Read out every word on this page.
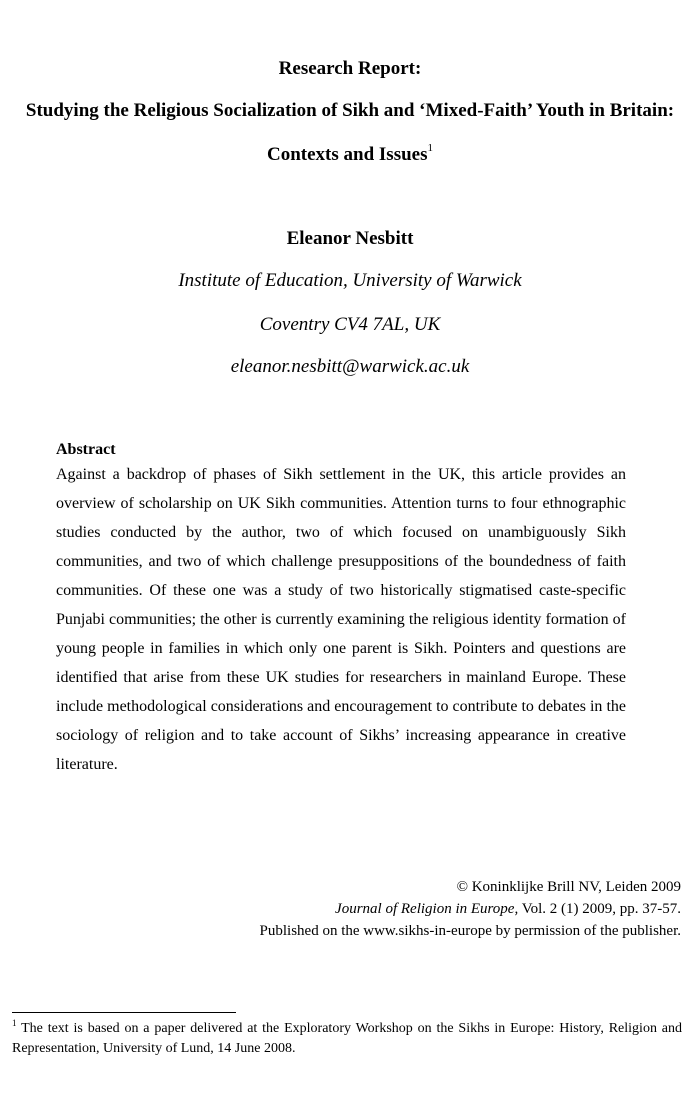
Research Report:
Studying the Religious Socialization of Sikh and ‘Mixed-Faith’ Youth in Britain:
Contexts and Issues$^1$
Eleanor Nesbitt
Institute of Education, University of Warwick
Coventry CV4 7AL, UK
eleanor.nesbitt@warwick.ac.uk
Abstract
Against a backdrop of phases of Sikh settlement in the UK, this article provides an overview of scholarship on UK Sikh communities. Attention turns to four ethnographic studies conducted by the author, two of which focused on unambiguously Sikh communities, and two of which challenge presuppositions of the boundedness of faith communities. Of these one was a study of two historically stigmatised caste-specific Punjabi communities; the other is currently examining the religious identity formation of young people in families in which only one parent is Sikh. Pointers and questions are identified that arise from these UK studies for researchers in mainland Europe. These include methodological considerations and encouragement to contribute to debates in the sociology of religion and to take account of Sikhs’ increasing appearance in creative literature.
© Koninklijke Brill NV, Leiden 2009
Journal of Religion in Europe, Vol. 2 (1) 2009, pp. 37-57.
Published on the www.sikhs-in-europe by permission of the publisher.
$^1$ The text is based on a paper delivered at the Exploratory Workshop on the Sikhs in Europe: History, Religion and Representation, University of Lund, 14 June 2008.
